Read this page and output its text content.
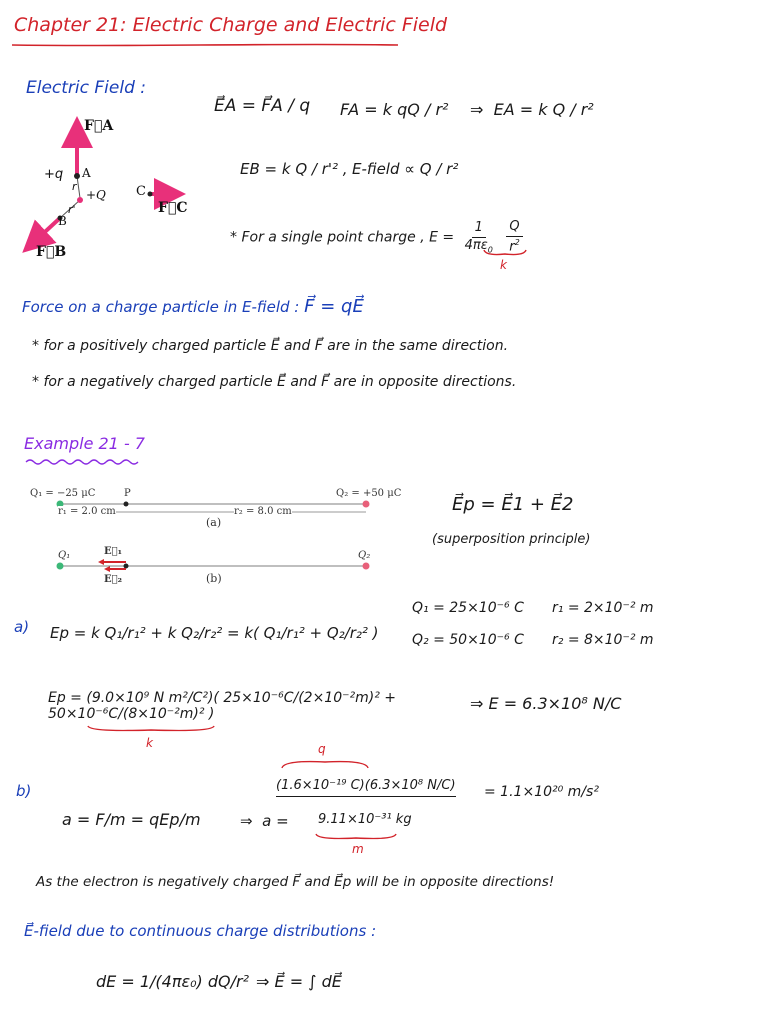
Chapter 21: Electric Charge and Electric Field
Electric Field :
F⃗A
+q A
r
+Q
r'
B
F⃗B
C
F⃗C
E⃗A = F⃗A / q FA = k qQ / r² ⇒  EA = k Q / r²
EB = k Q / r'² , E-field ∝ Q / r²
* For a single point charge , $E = \frac{1}{4\pi\varepsilon_0}$
$\frac{Q}{r^2}$
k
Force on a charge particle in E-field : F⃗ = qE⃗
* for a positively charged particle E⃗ and F⃗ are in the same direction.
* for a negatively charged particle E⃗ and F⃗ are in opposite directions.
Example 21 - 7
Q₁ = −25 μC	P	Q₂ = +50 μC
r₁ = 2.0 cm	r₂ = 8.0 cm
(a)
Q₁	E⃗₁	Q₂
E⃗₂	(b)
E⃗p = E⃗1 + E⃗2
(superposition principle)
Q₁ = 25×10⁻⁶ C r₁ = 2×10⁻² m
Q₂ = 50×10⁻⁶ C r₂ = 8×10⁻² m
a) Ep = k Q₁/r₁² + k Q₂/r₂² = k( Q₁/r₁² + Q₂/r₂² )
Ep = (9.0×10⁹ N m²/C²)( 25×10⁻⁶C/(2×10⁻²m)² + 50×10⁻⁶C/(8×10⁻²m)² )
k
⇒ E = 6.3×10⁸ N/C
b)
a = F/m = qEp/m	⇒  a =
q
(1.6×10⁻¹⁹ C)(6.3×10⁸ N/C)
9.11×10⁻³¹ kg
m
= 1.1×10²⁰ m/s²
As the electron is negatively charged F⃗ and E⃗p will be in opposite directions!
E⃗-field due to continuous charge distributions :
dE = 1/(4πε₀) dQ/r² ⇒ E⃗ = ∫ dE⃗
